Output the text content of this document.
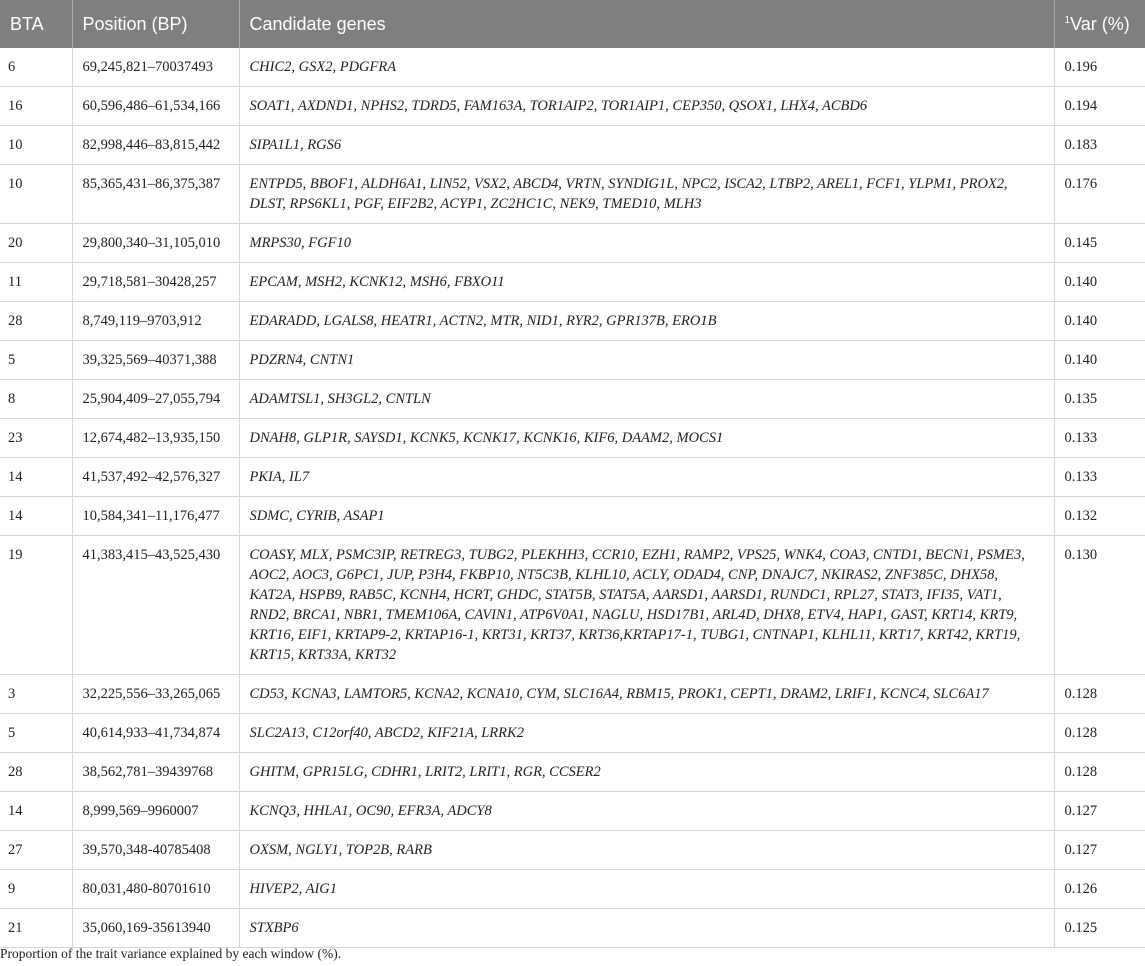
BTA	Position (BP)	Candidate genes	$^1$Var (%)
6	69,245,821–70037493	CHIC2, GSX2, PDGFRA	0.196
16	60,596,486–61,534,166	SOAT1, AXDND1, NPHS2, TDRD5, FAM163A, TOR1AIP2, TOR1AIP1, CEP350, QSOX1, LHX4, ACBD6	0.194
10	82,998,446–83,815,442	SIPA1L1, RGS6	0.183
10	85,365,431–86,375,387	ENTPD5, BBOF1, ALDH6A1, LIN52, VSX2, ABCD4, VRTN, SYNDIG1L, NPC2, ISCA2, LTBP2, AREL1, FCF1, YLPM1, PROX2, DLST, RPS6KL1, PGF, EIF2B2, ACYP1, ZC2HC1C, NEK9, TMED10, MLH3	0.176
20	29,800,340–31,105,010	MRPS30, FGF10	0.145
11	29,718,581–30428,257	EPCAM, MSH2, KCNK12, MSH6, FBXO11	0.140
28	8,749,119–9703,912	EDARADD, LGALS8, HEATR1, ACTN2, MTR, NID1, RYR2, GPR137B, ERO1B	0.140
5	39,325,569–40371,388	PDZRN4, CNTN1	0.140
8	25,904,409–27,055,794	ADAMTSL1, SH3GL2, CNTLN	0.135
23	12,674,482–13,935,150	DNAH8, GLP1R, SAYSD1, KCNK5, KCNK17, KCNK16, KIF6, DAAM2, MOCS1	0.133
14	41,537,492–42,576,327	PKIA, IL7	0.133
14	10,584,341–11,176,477	SDMC, CYRIB, ASAP1	0.132
19	41,383,415–43,525,430	COASY, MLX, PSMC3IP, RETREG3, TUBG2, PLEKHH3, CCR10, EZH1, RAMP2, VPS25, WNK4, COA3, CNTD1, BECN1, PSME3, AOC2, AOC3, G6PC1, JUP, P3H4, FKBP10, NT5C3B, KLHL10, ACLY, ODAD4, CNP, DNAJC7, NKIRAS2, ZNF385C, DHX58, KAT2A, HSPB9, RAB5C, KCNH4, HCRT, GHDC, STAT5B, STAT5A, AARSD1, AARSD1, RUNDC1, RPL27, STAT3, IFI35, VAT1, RND2, BRCA1, NBR1, TMEM106A, CAVIN1, ATP6V0A1, NAGLU, HSD17B1, ARL4D, DHX8, ETV4, HAP1, GAST, KRT14, KRT9, KRT16, EIF1, KRTAP9-2, KRTAP16-1, KRT31, KRT37, KRT36,KRTAP17-1, TUBG1, CNTNAP1, KLHL11, KRT17, KRT42, KRT19, KRT15, KRT33A, KRT32	0.130
3	32,225,556–33,265,065	CD53, KCNA3, LAMTOR5, KCNA2, KCNA10, CYM, SLC16A4, RBM15, PROK1, CEPT1, DRAM2, LRIF1, KCNC4, SLC6A17	0.128
5	40,614,933–41,734,874	SLC2A13, C12orf40, ABCD2, KIF21A, LRRK2	0.128
28	38,562,781–39439768	GHITM, GPR15LG, CDHR1, LRIT2, LRIT1, RGR, CCSER2	0.128
14	8,999,569–9960007	KCNQ3, HHLA1, OC90, EFR3A, ADCY8	0.127
27	39,570,348-40785408	OXSM, NGLY1, TOP2B, RARB	0.127
9	80,031,480-80701610	HIVEP2, AIG1	0.126
21	35,060,169-35613940	STXBP6	0.125
Proportion of the trait variance explained by each window (%).
